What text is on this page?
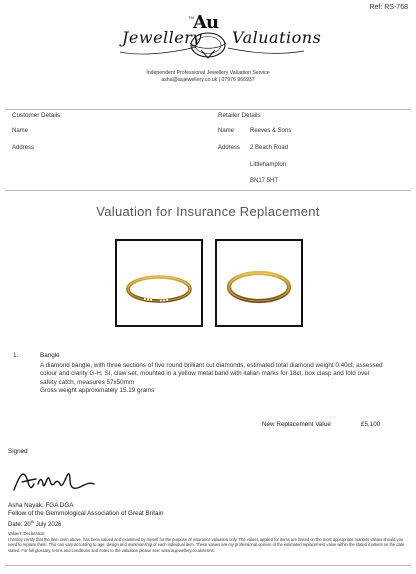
Ref: RS-768
Jewellery
TM Au
Valuations
Independent Professional Jewellery Valuation Service
asha@aujewellery.co.uk | 07976 966937
Customer Details
Name
Address
Retailer Details
Name	Reeves & Sons
Address 2 Beach Road
Littlehampton
BN17 5HT
Valuation for Insurance Replacement
1.	Bangle
A diamond bangle, with three sections of five round brilliant cut diamonds, estimated total diamond weight 0.40ct, assessed colour and clarity G-H, SI, claw set, mounted in a yellow metal band with italian marks for 18ct, box clasp and fold over safety catch, measures 57x50mm
Gross weight approximately 15.19 grams
New Replacement Value	£5,100
Signed
Asha Nayak, FGA DGA
Fellow of the Gemmological Association of Great Britain
Date: 20th July 2026
Valuers' Declaration:
I hereby certify that the item seen above, has been valued and examined by myself for the purpose of insurance valuation only. The values applied for items are based on the most appropriate markets values should you need to replace them. This can vary according to age, design and workmanship of each individual item. These values are my professional opinion of the estimated replacement value within the stated markets on the date stated. For full glossary, terms and conditions and notes to the valuation please see: www.aujewellery.co.uk/terms.
